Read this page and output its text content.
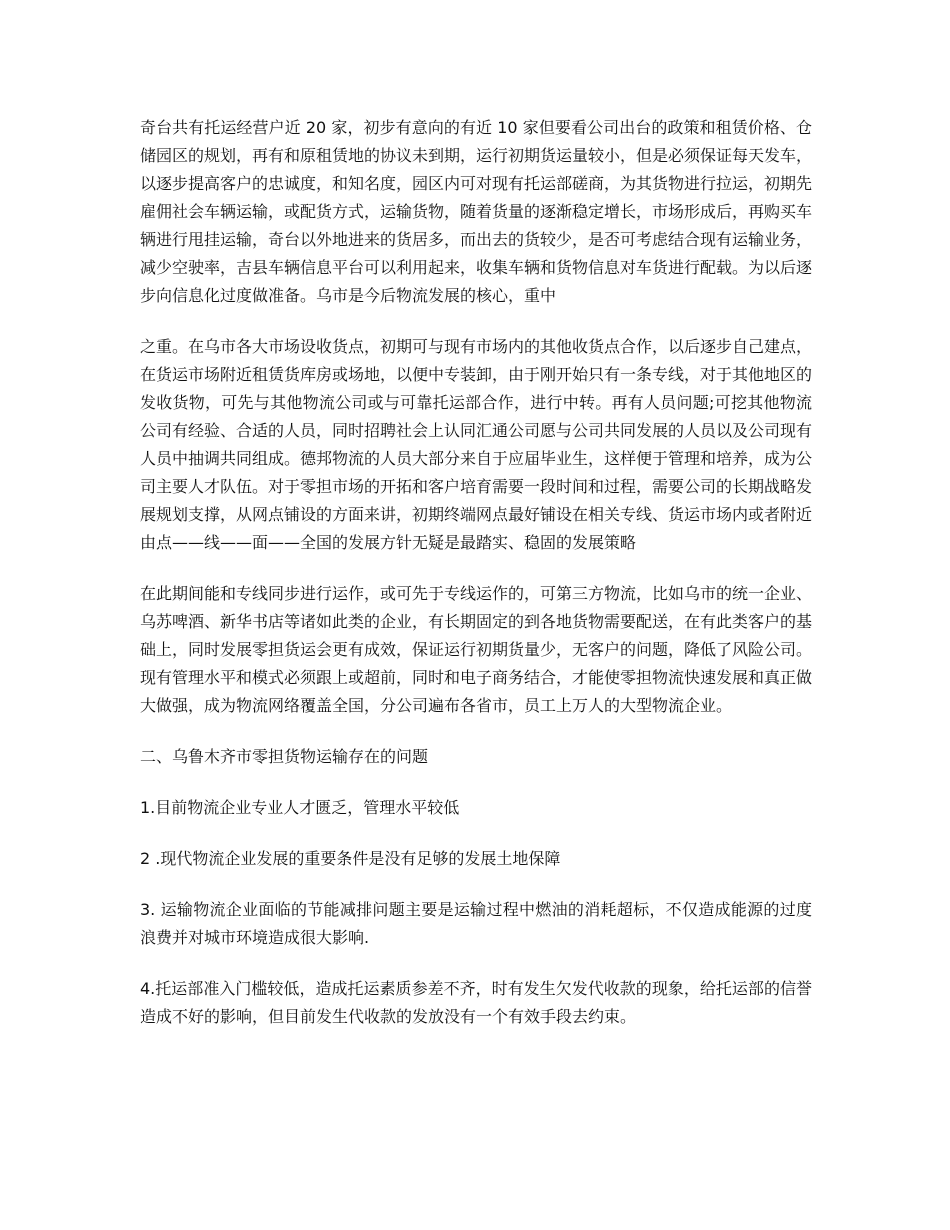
奇台共有托运经营户近 20 家，初步有意向的有近 10 家但要看公司出台的政策和租赁价格、仓储园区的规划，再有和原租赁地的协议未到期，运行初期货运量较小，但是必须保证每天发车，以逐步提高客户的忠诚度，和知名度，园区内可对现有托运部磋商，为其货物进行拉运，初期先雇佣社会车辆运输，或配货方式，运输货物，随着货量的逐渐稳定增长，市场形成后，再购买车辆进行甩挂运输，奇台以外地进来的货居多，而出去的货较少，是否可考虑结合现有运输业务，减少空驶率，吉县车辆信息平台可以利用起来，收集车辆和货物信息对车货进行配载。为以后逐步向信息化过度做准备。乌市是今后物流发展的核心，重中

之重。在乌市各大市场设收货点，初期可与现有市场内的其他收货点合作，以后逐步自己建点，在货运市场附近租赁货库房或场地，以便中专装卸，由于刚开始只有一条专线，对于其他地区的发收货物，可先与其他物流公司或与可靠托运部合作，进行中转。再有人员问题;可挖其他物流公司有经验、合适的人员，同时招聘社会上认同汇通公司愿与公司共同发展的人员以及公司现有人员中抽调共同组成。德邦物流的人员大部分来自于应届毕业生，这样便于管理和培养，成为公司主要人才队伍。对于零担市场的开拓和客户培育需要一段时间和过程，需要公司的长期战略发展规划支撑，从网点铺设的方面来讲，初期终端网点最好铺设在相关专线、货运市场内或者附近由点——线——面——全国的发展方针无疑是最踏实、稳固的发展策略

在此期间能和专线同步进行运作，或可先于专线运作的，可第三方物流，比如乌市的统一企业、乌苏啤酒、新华书店等诸如此类的企业，有长期固定的到各地货物需要配送，在有此类客户的基础上，同时发展零担货运会更有成效，保证运行初期货量少，无客户的问题，降低了风险公司。现有管理水平和模式必须跟上或超前，同时和电子商务结合，才能使零担物流快速发展和真正做大做强，成为物流网络覆盖全国，分公司遍布各省市，员工上万人的大型物流企业。

二、乌鲁木齐市零担货物运输存在的问题

1.目前物流企业专业人才匮乏，管理水平较低

2 .现代物流企业发展的重要条件是没有足够的发展土地保障

3. 运输物流企业面临的节能减排问题主要是运输过程中燃油的消耗超标，不仅造成能源的过度浪费并对城市环境造成很大影响.

4.托运部准入门槛较低，造成托运素质参差不齐，时有发生欠发代收款的现象，给托运部的信誉造成不好的影响，但目前发生代收款的发放没有一个有效手段去约束。
